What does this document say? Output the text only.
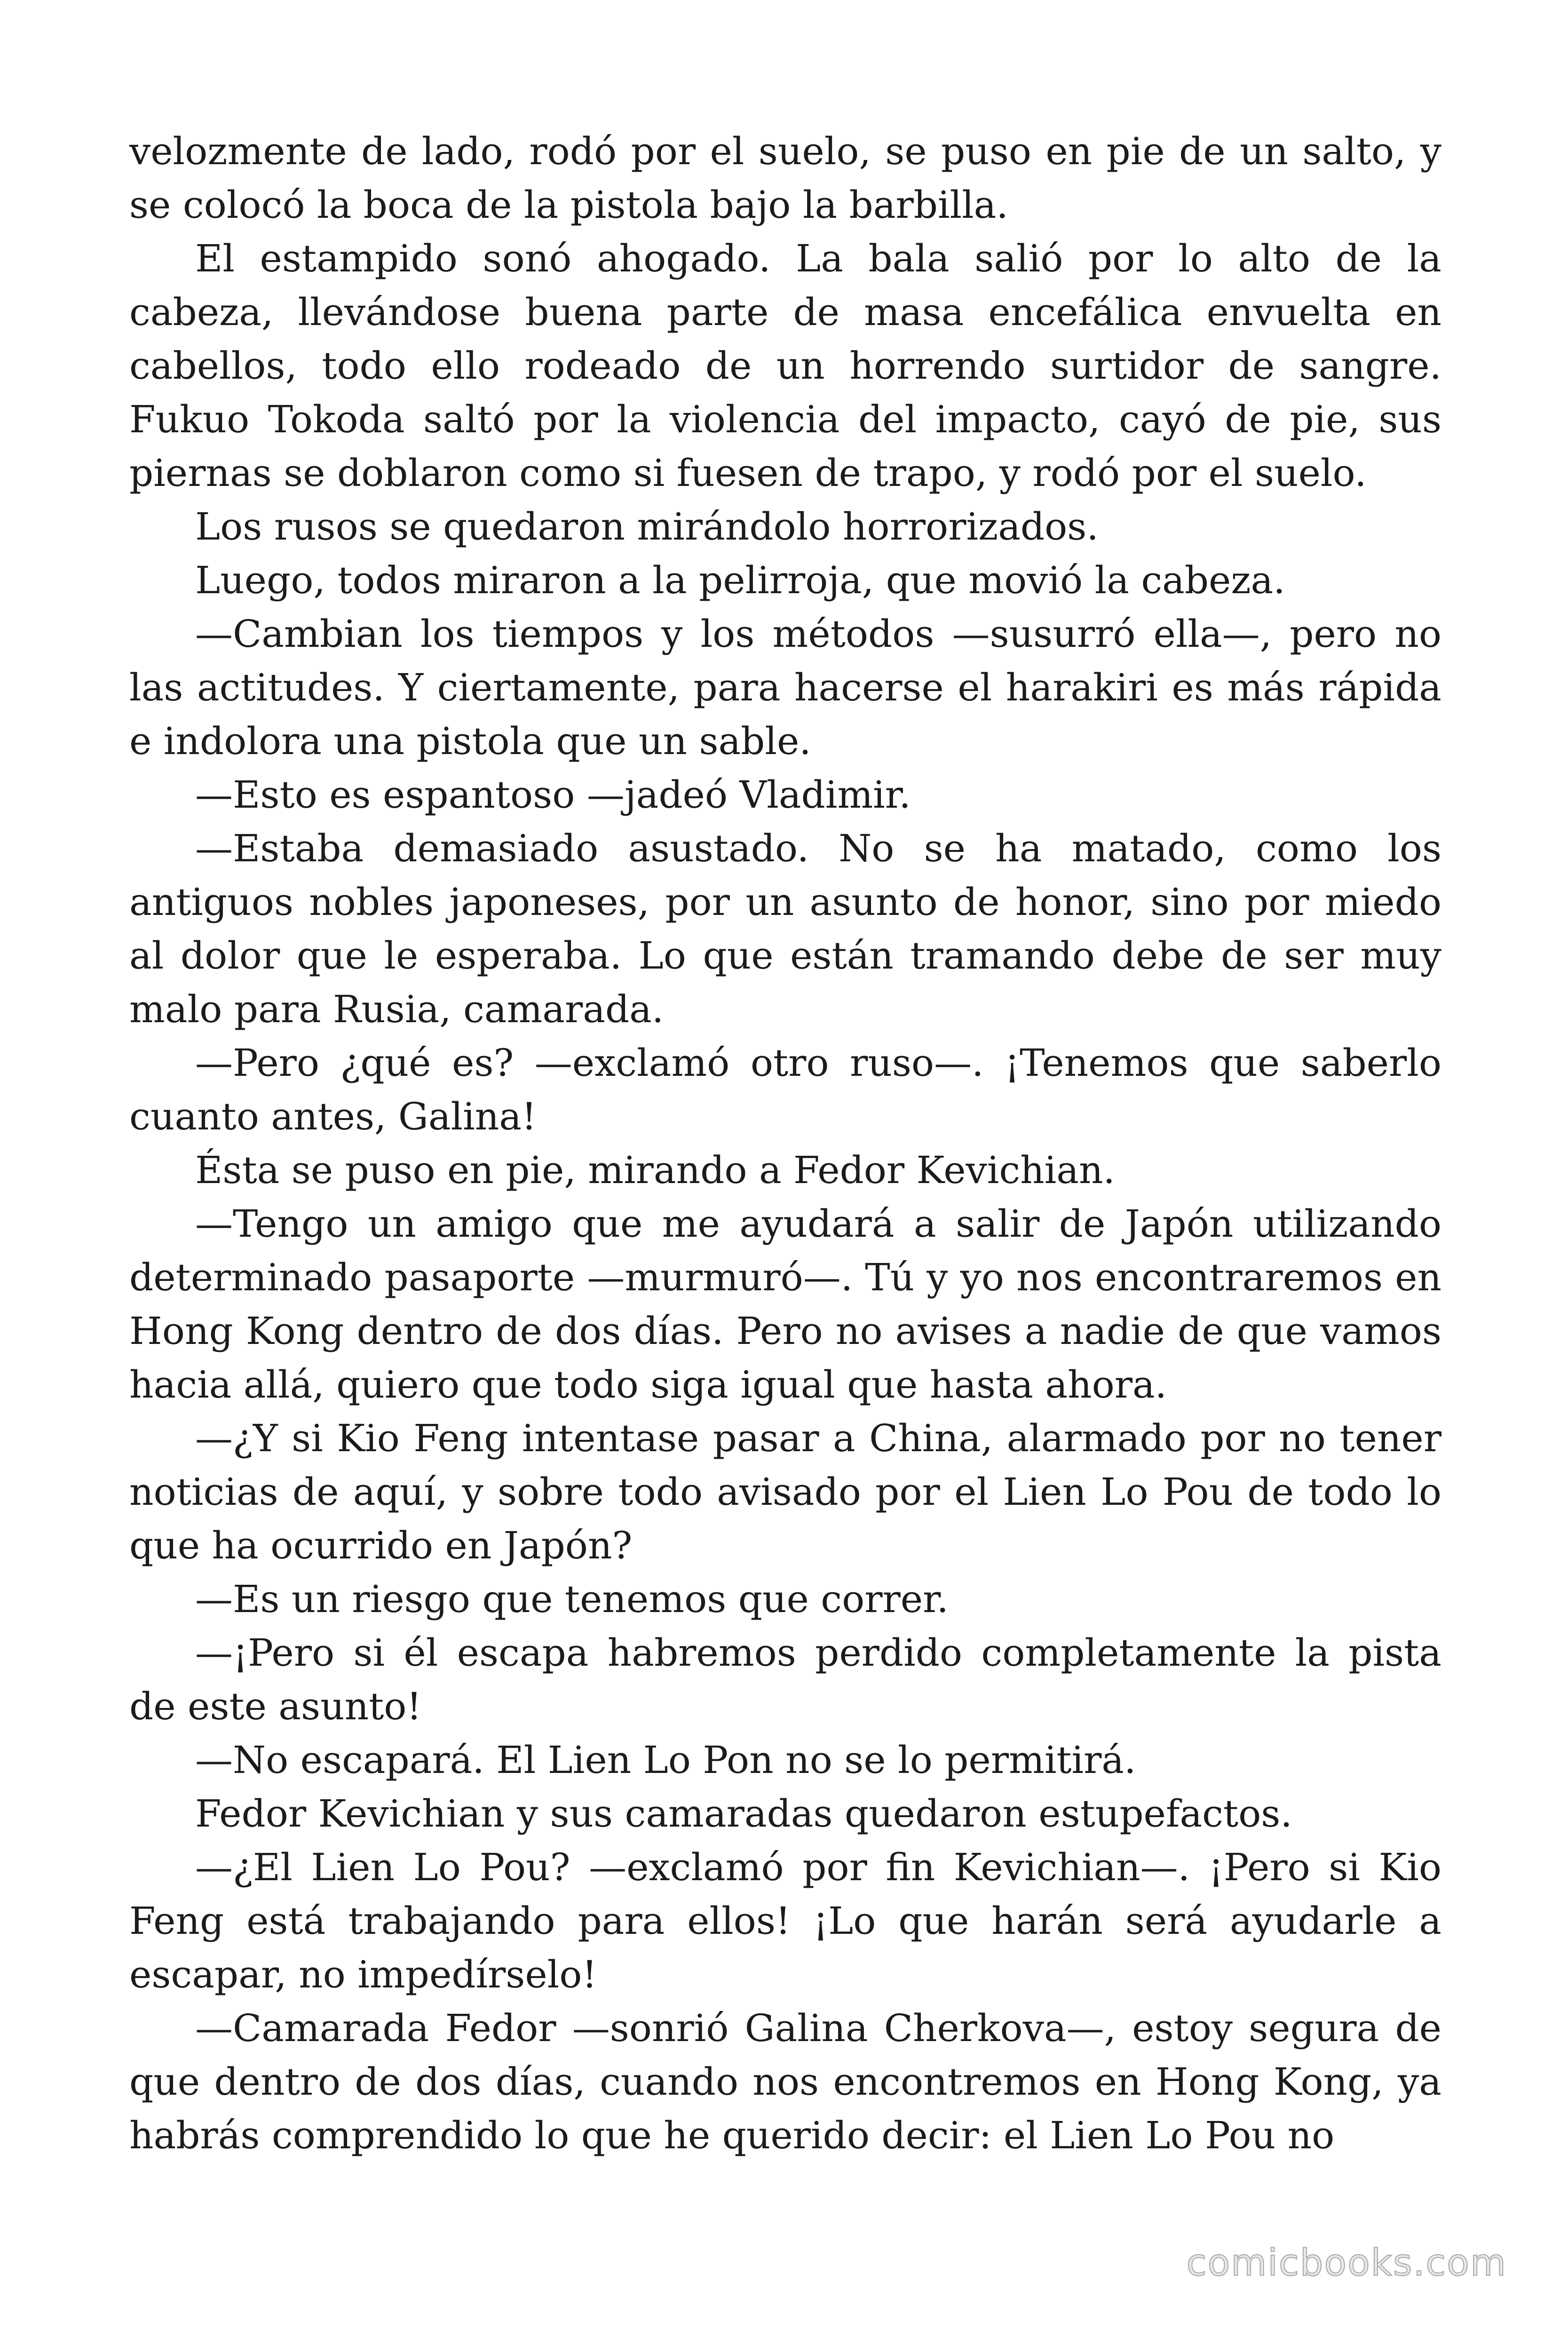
velozmente de lado, rodó por el suelo, se puso en pie de un salto, y se colocó la boca de la pistola bajo la barbilla.

El estampido sonó ahogado. La bala salió por lo alto de la cabeza, llevándose buena parte de masa encefálica envuelta en cabellos, todo ello rodeado de un horrendo surtidor de sangre. Fukuo Tokoda saltó por la violencia del impacto, cayó de pie, sus piernas se doblaron como si fuesen de trapo, y rodó por el suelo.

Los rusos se quedaron mirándolo horrorizados.

Luego, todos miraron a la pelirroja, que movió la cabeza.

—Cambian los tiempos y los métodos —susurró ella—, pero no las actitudes. Y ciertamente, para hacerse el harakiri es más rápida e indolora una pistola que un sable.

—Esto es espantoso —jadeó Vladimir.

—Estaba demasiado asustado. No se ha matado, como los antiguos nobles japoneses, por un asunto de honor, sino por miedo al dolor que le esperaba. Lo que están tramando debe de ser muy malo para Rusia, camarada.

—Pero ¿qué es? —exclamó otro ruso—. ¡Tenemos que saberlo cuanto antes, Galina!

Ésta se puso en pie, mirando a Fedor Kevichian.

—Tengo un amigo que me ayudará a salir de Japón utilizando determinado pasaporte —murmuró—. Tú y yo nos encontraremos en Hong Kong dentro de dos días. Pero no avises a nadie de que vamos hacia allá, quiero que todo siga igual que hasta ahora.

—¿Y si Kio Feng intentase pasar a China, alarmado por no tener noticias de aquí, y sobre todo avisado por el Lien Lo Pou de todo lo que ha ocurrido en Japón?

—Es un riesgo que tenemos que correr.

—¡Pero si él escapa habremos perdido completamente la pista de este asunto!

—No escapará. El Lien Lo Pon no se lo permitirá.

Fedor Kevichian y sus camaradas quedaron estupefactos.

—¿El Lien Lo Pou? —exclamó por fin Kevichian—. ¡Pero si Kio Feng está trabajando para ellos! ¡Lo que harán será ayudarle a escapar, no impedírselo!

—Camarada Fedor —sonrió Galina Cherkova—, estoy segura de que dentro de dos días, cuando nos encontremos en Hong Kong, ya habrás comprendido lo que he querido decir: el Lien Lo Pou no

comicbooks.com
